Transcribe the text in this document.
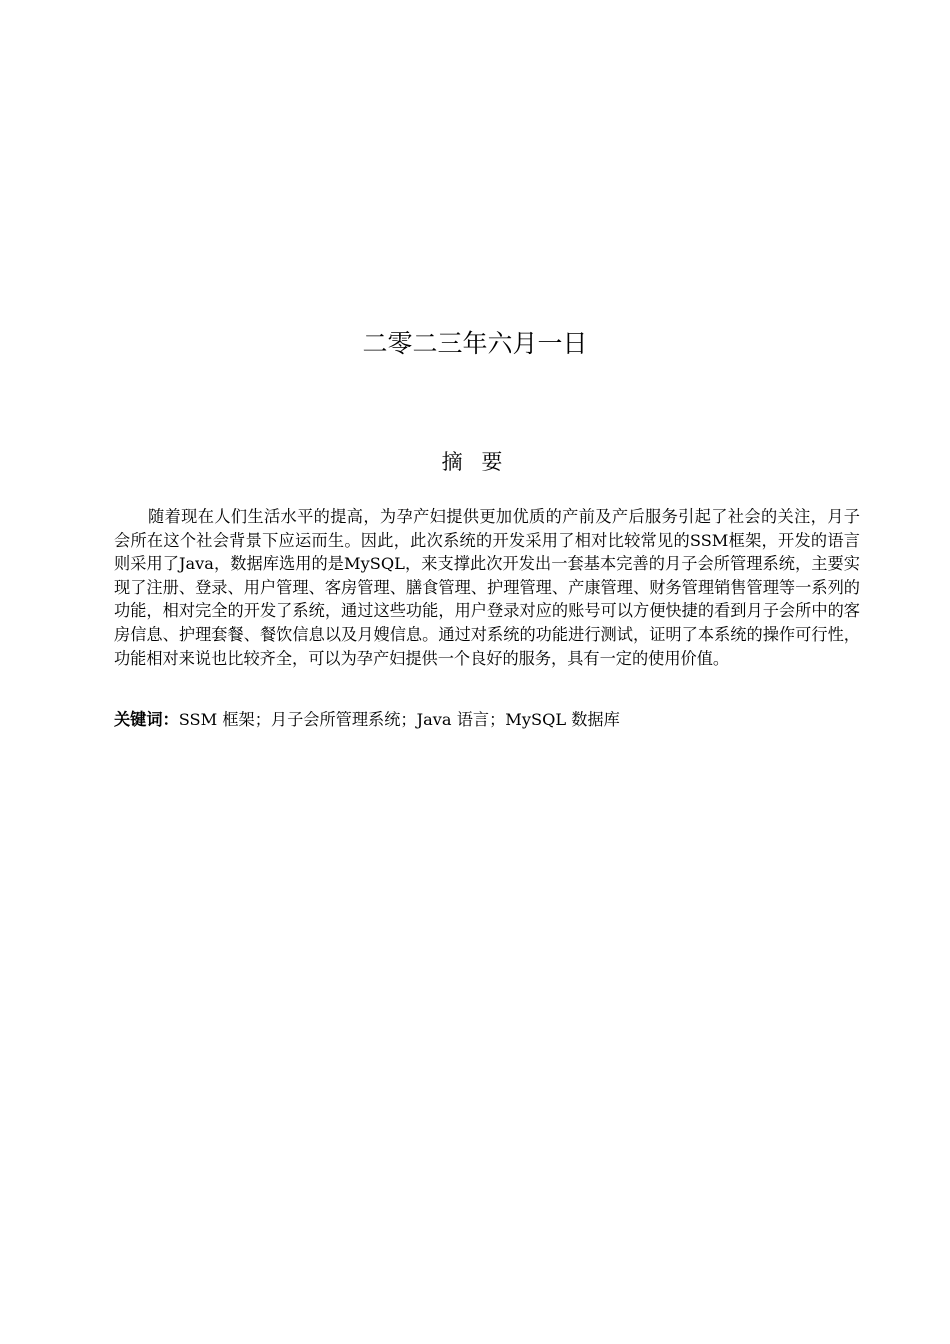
二零二三年六月一日
摘 要

随着现在人们生活水平的提高，为孕产妇提供更加优质的产前及产后服务引起了社会的关注，月子会所在这个社会背景下应运而生。因此，此次系统的开发采用了相对比较常见的SSM框架，开发的语言则采用了Java，数据库选用的是MySQL，来支撑此次开发出一套基本完善的月子会所管理系统，主要实现了注册、登录、用户管理、客房管理、膳食管理、护理管理、产康管理、财务管理销售管理等一系列的功能，相对完全的开发了系统，通过这些功能，用户登录对应的账号可以方便快捷的看到月子会所中的客房信息、护理套餐、餐饮信息以及月嫂信息。通过对系统的功能进行测试，证明了本系统的操作可行性，功能相对来说也比较齐全，可以为孕产妇提供一个良好的服务，具有一定的使用价值。

关键词：SSM 框架；月子会所管理系统；Java 语言；MySQL 数据库
